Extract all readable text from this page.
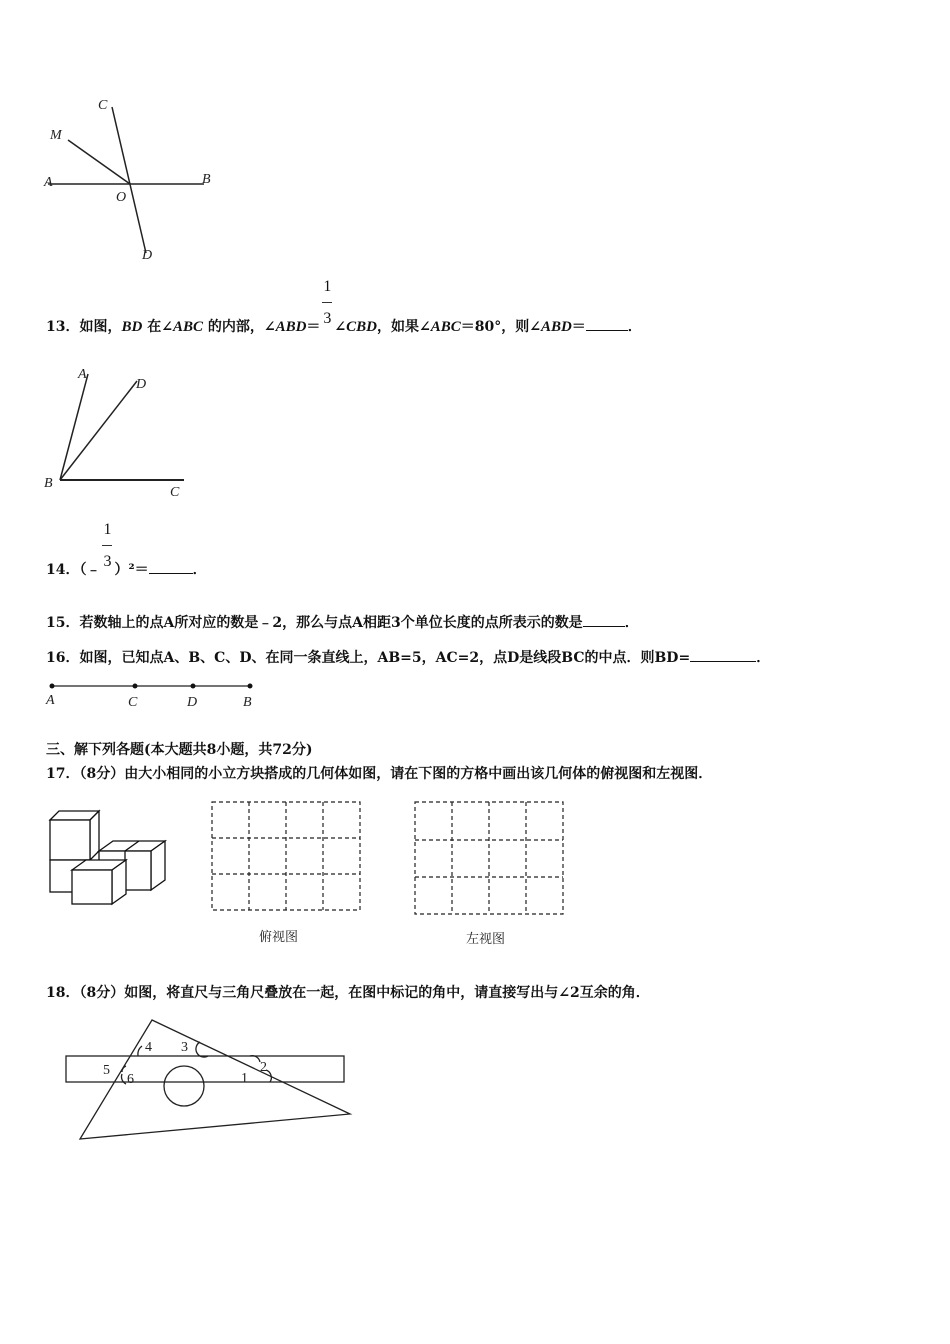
C
M
A
O
B
D
13．如图，BD 在∠ABC 的内部，∠ABD＝ $\frac{1}{3}$ ∠CBD，如果∠ABC＝80°，则∠ABD＝	．
A
D
B
C
14．（﹣ $\frac{1}{3} )^2=$	．
15．若数轴上的点A所对应的数是﹣2，那么与点A相距3个单位长度的点所表示的数是	．
16．如图，已知点A、B、C、D、在同一条直线上，AB=5，AC=2，点D是线段BC的中点．则BD=	．
A	C	D	B
三、解下列各题(本大题共8小题，共72分)
17．（8分）由大小相同的小立方块搭成的几何体如图，请在下图的方格中画出该几何体的俯视图和左视图．
俯视图	左视图
18．（8分）如图，将直尺与三角尺叠放在一起，在图中标记的角中，请直接写出与∠2互余的角．
4 3
2
5
6	1
